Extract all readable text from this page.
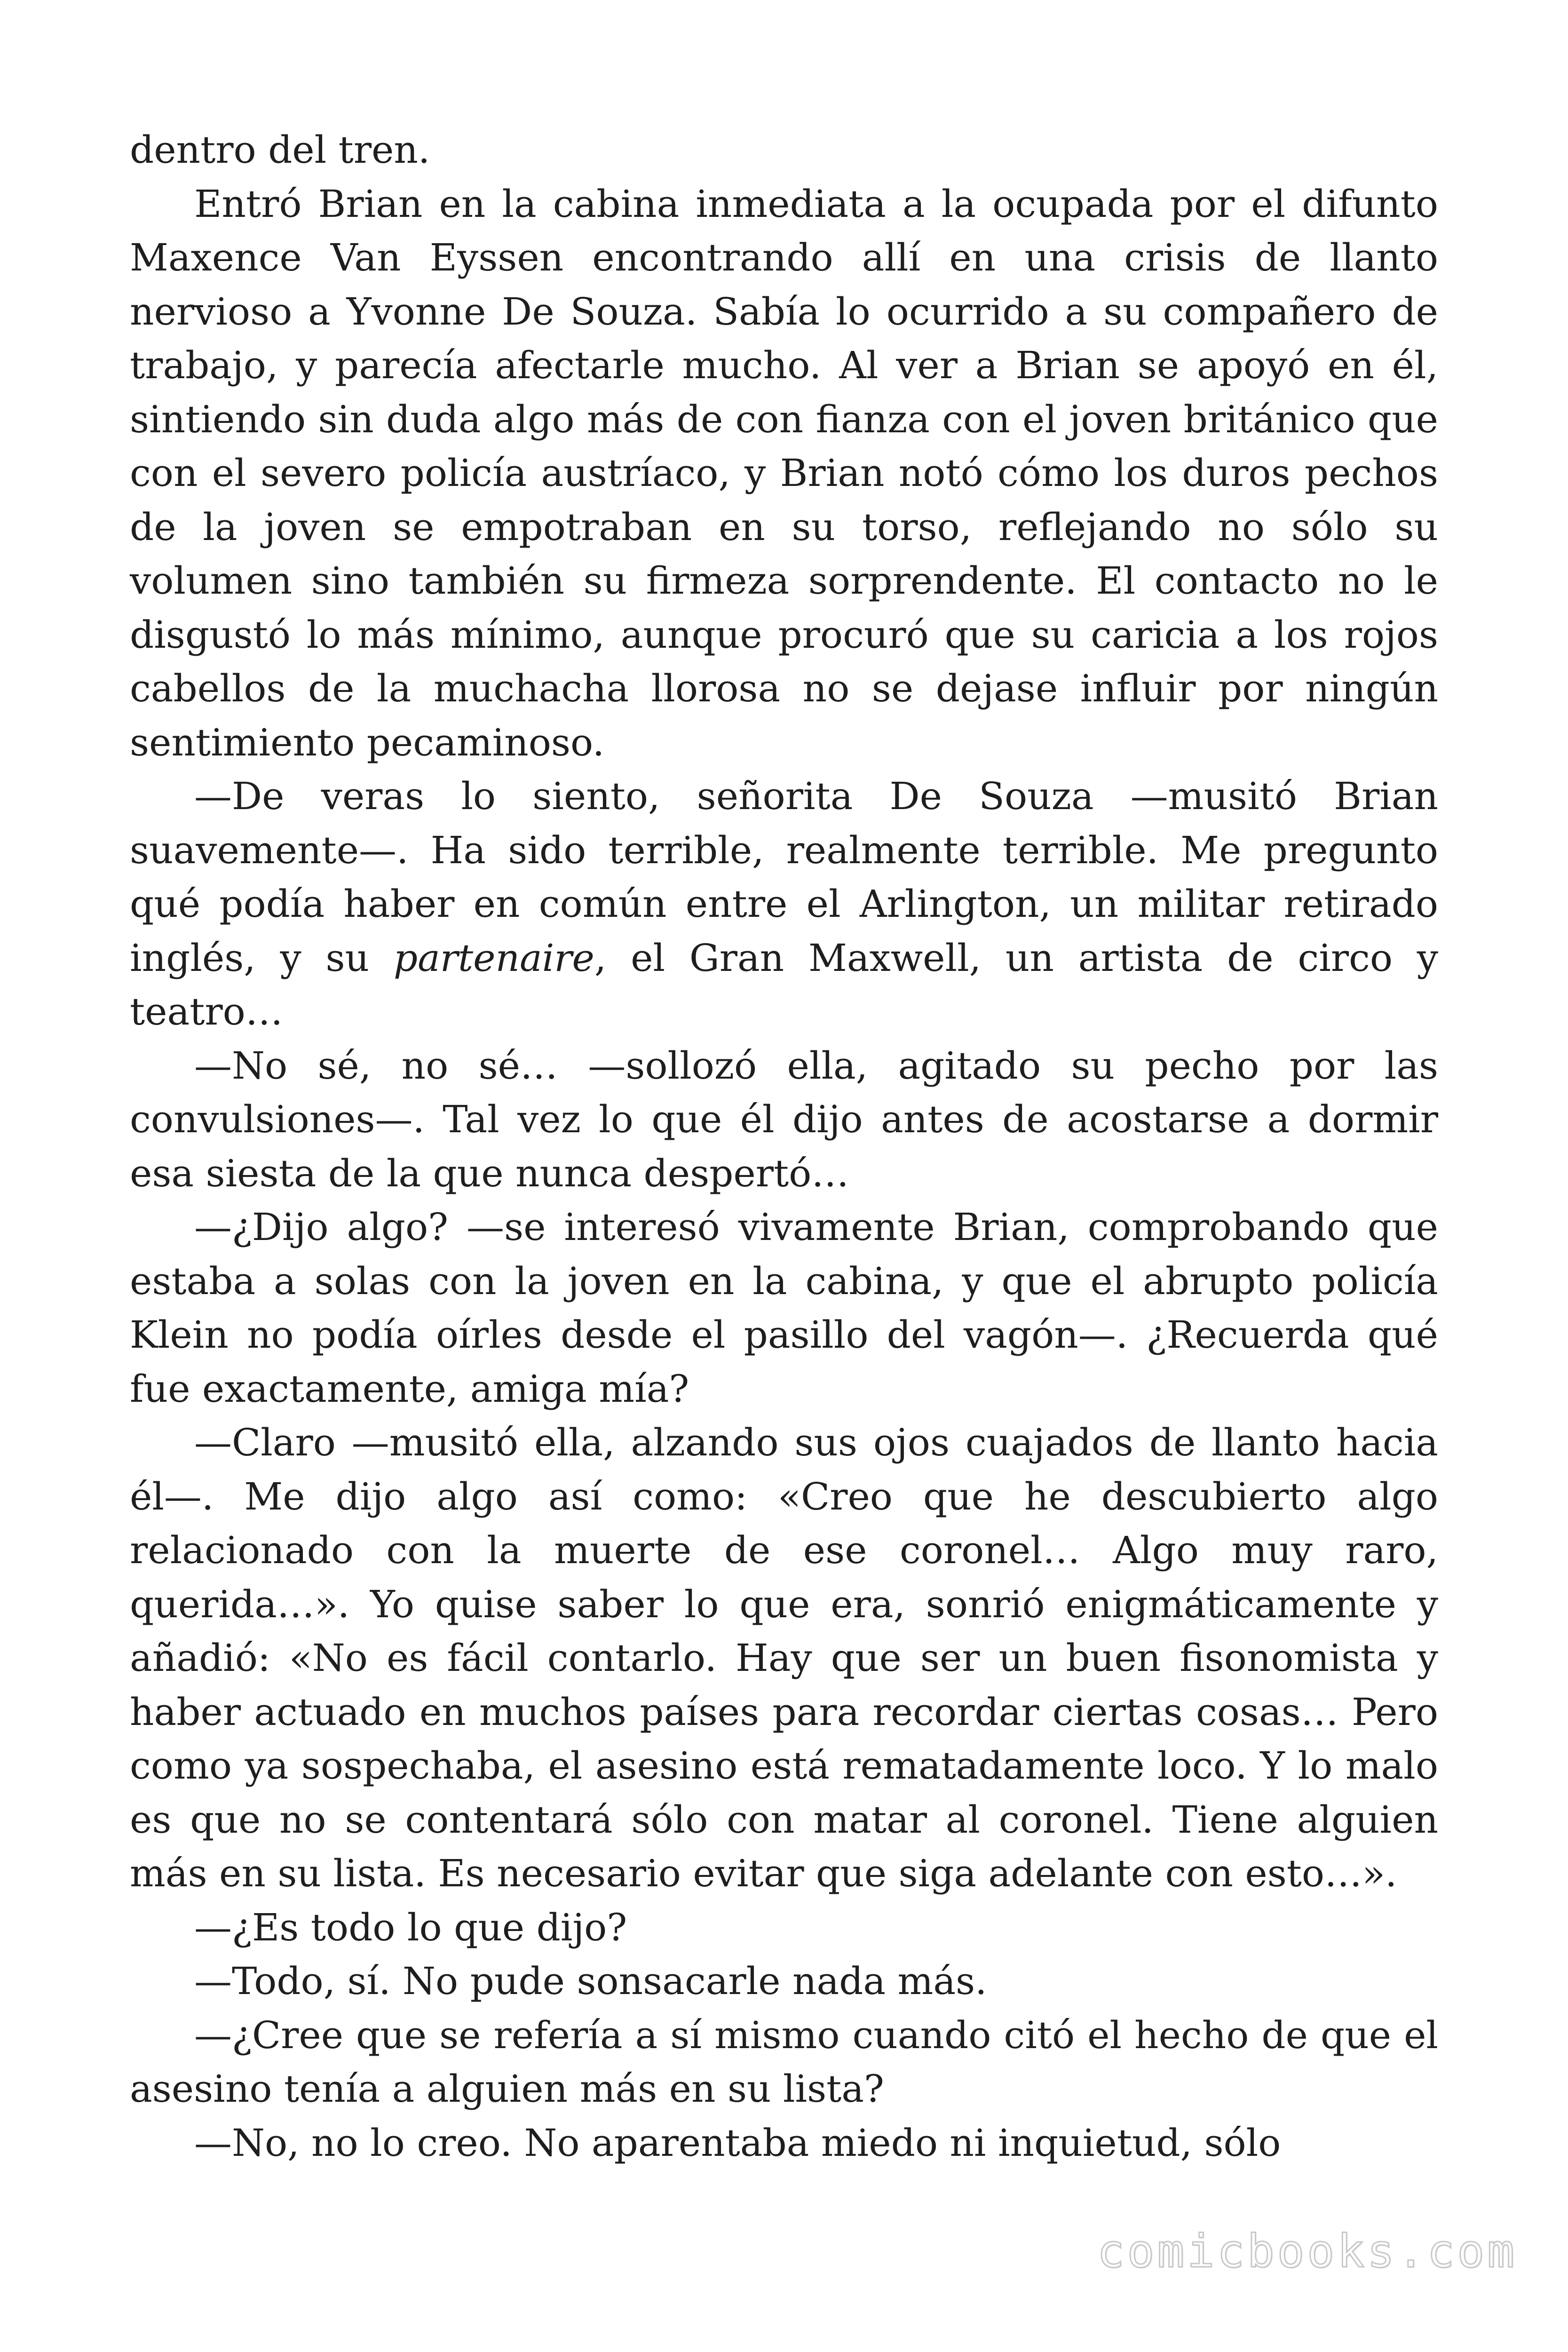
dentro del tren.

Entró Brian en la cabina inmediata a la ocupada por el difunto Maxence Van Eyssen encontrando allí en una crisis de llanto nervioso a Yvonne De Souza. Sabía lo ocurrido a su compañero de trabajo, y parecía afectarle mucho. Al ver a Brian se apoyó en él, sintiendo sin duda algo más de con fianza con el joven británico que con el severo policía austríaco, y Brian notó cómo los duros pechos de la joven se empotraban en su torso, reflejando no sólo su volumen sino también su firmeza sorprendente. El contacto no le disgustó lo más mínimo, aunque procuró que su caricia a los rojos cabellos de la muchacha llorosa no se dejase influir por ningún sentimiento pecaminoso.

—De veras lo siento, señorita De Souza —musitó Brian suavemente—. Ha sido terrible, realmente terrible. Me pregunto qué podía haber en común entre el Arlington, un militar retirado inglés, y su partenaire, el Gran Maxwell, un artista de circo y teatro…

—No sé, no sé… —sollozó ella, agitado su pecho por las convulsiones—. Tal vez lo que él dijo antes de acostarse a dormir esa siesta de la que nunca despertó…

—¿Dijo algo? —se interesó vivamente Brian, comprobando que estaba a solas con la joven en la cabina, y que el abrupto policía Klein no podía oírles desde el pasillo del vagón—. ¿Recuerda qué fue exactamente, amiga mía?

—Claro —musitó ella, alzando sus ojos cuajados de llanto hacia él—. Me dijo algo así como: «Creo que he descubierto algo relacionado con la muerte de ese coronel… Algo muy raro, querida…». Yo quise saber lo que era, sonrió enigmáticamente y añadió: «No es fácil contarlo. Hay que ser un buen fisonomista y haber actuado en muchos países para recordar ciertas cosas… Pero como ya sospechaba, el asesino está rematadamente loco. Y lo malo es que no se contentará sólo con matar al coronel. Tiene alguien más en su lista. Es necesario evitar que siga adelante con esto…».

—¿Es todo lo que dijo?

—Todo, sí. No pude sonsacarle nada más.

—¿Cree que se refería a sí mismo cuando citó el hecho de que el asesino tenía a alguien más en su lista?

—No, no lo creo. No aparentaba miedo ni inquietud, sólo

comicbooks.com
